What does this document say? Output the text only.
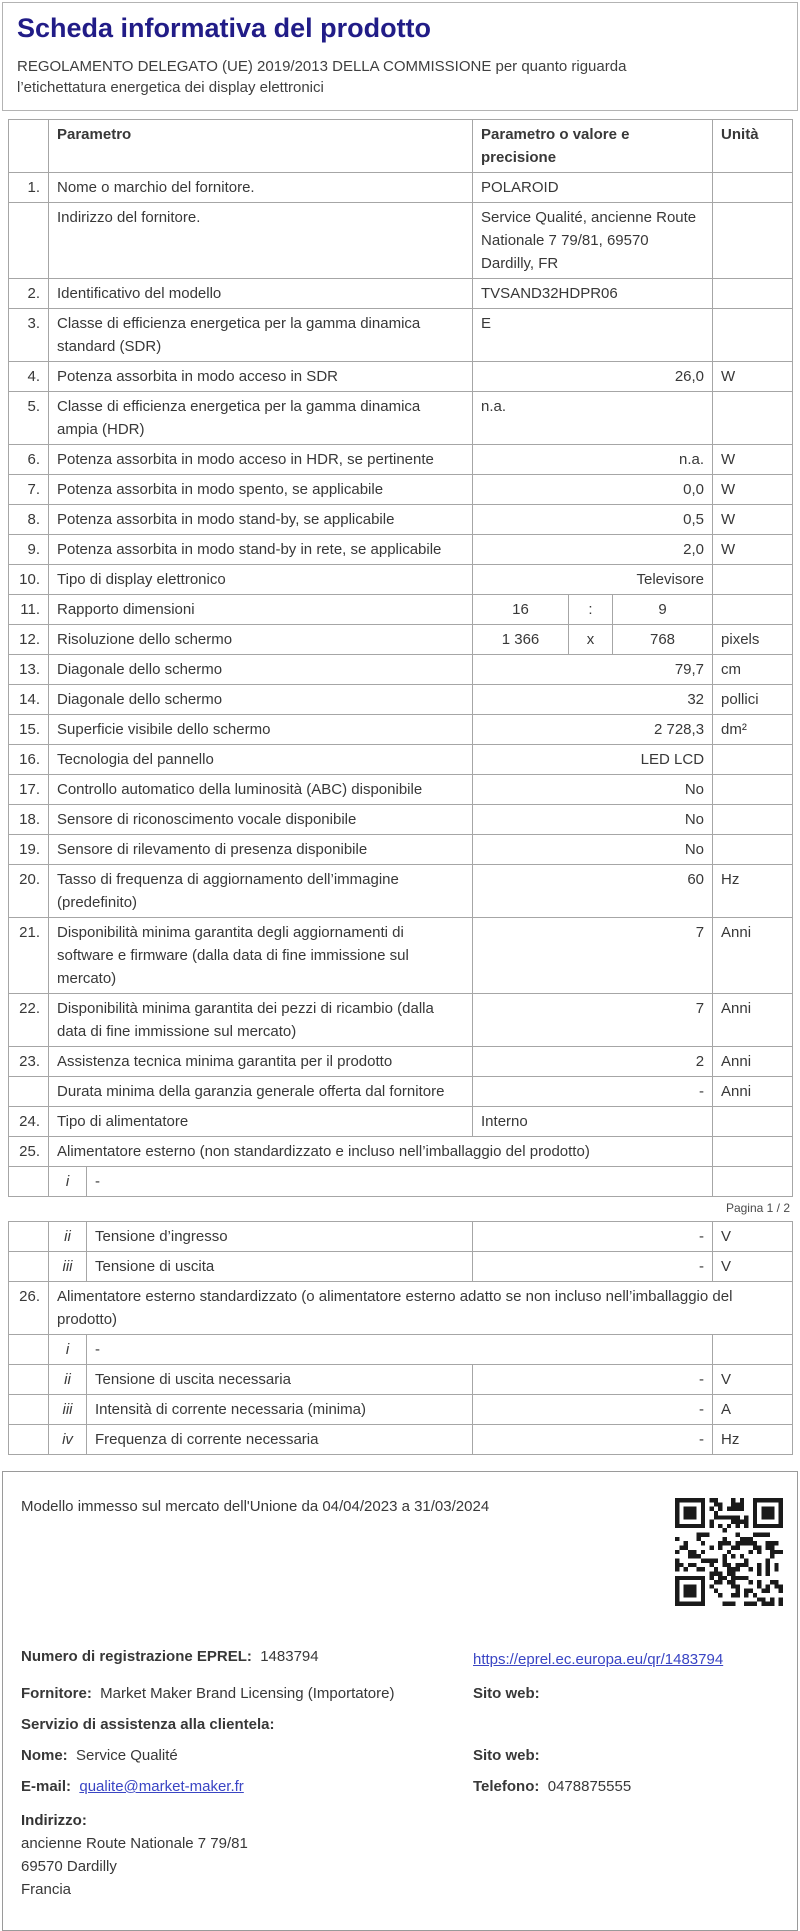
Scheda informativa del prodotto
REGOLAMENTO DELEGATO (UE) 2019/2013 DELLA COMMISSIONE per quanto riguarda l’etichettatura energetica dei display elettronici
	Parametro		Parametro o valore e precisione			Unità
1.	Nome o marchio del fornitore.		POLAROID			
	Indirizzo del fornitore.		Service Qualité, ancienne Route Nationale 7 79/81, 69570 Dardilly, FR			
2.	Identificativo del modello		TVSAND32HDPR06			
3.	Classe di efficienza energetica per la gamma dinamica standard (SDR)		E			
4.	Potenza assorbita in modo acceso in SDR		26,0			W
5.	Classe di efficienza energetica per la gamma dinamica ampia (HDR)		n.a.			
6.	Potenza assorbita in modo acceso in HDR, se pertinente		n.a.			W
7.	Potenza assorbita in modo spento, se applicabile		0,0			W
8.	Potenza assorbita in modo stand-by, se applicabile		0,5			W
9.	Potenza assorbita in modo stand-by in rete, se applicabile		2,0			W
10.	Tipo di display elettronico		Televisore			
11.	Rapporto dimensioni		16	:	9	
12.	Risoluzione dello schermo		1 366	x	768	pixels
13.	Diagonale dello schermo		79,7			cm
14.	Diagonale dello schermo		32			pollici
15.	Superficie visibile dello schermo		2 728,3			dm²
16.	Tecnologia del pannello		LED LCD			
17.	Controllo automatico della luminosità (ABC) disponibile		No			
18.	Sensore di riconoscimento vocale disponibile		No			
19.	Sensore di rilevamento di presenza disponibile		No			
20.	Tasso di frequenza di aggiornamento dell’immagine (predefinito)		60			Hz
21.	Disponibilità minima garantita degli aggiornamenti di software e firmware (dalla data di fine immissione sul mercato)		7			Anni
22.	Disponibilità minima garantita dei pezzi di ricambio (dalla data di fine immissione sul mercato)		7			Anni
23.	Assistenza tecnica minima garantita per il prodotto		2			Anni
	Durata minima della garanzia generale offerta dal fornitore		-			Anni
24.	Tipo di alimentatore		Interno			
25.	Alimentatore esterno (non standardizzato e incluso nell’imballaggio del prodotto)					
	i	-				
Pagina 1 / 2
	ii	Tensione d’ingresso	-	V
	iii	Tensione di uscita	-	V
26.	Alimentatore esterno standardizzato (o alimentatore esterno adatto se non incluso nell’imballaggio del prodotto)			
	i	-		
	ii	Tensione di uscita necessaria	-	V
	iii	Intensità di corrente necessaria (minima)	-	A
	iv	Frequenza di corrente necessaria	-	Hz
Modello immesso sul mercato dell'Unione da 04/04/2023 a 31/03/2024
Numero di registrazione EPREL: 1483794	https://eprel.ec.europa.eu/qr/1483794
Fornitore: Market Maker Brand Licensing (Importatore)	Sito web:
Servizio di assistenza alla clientela:
Nome: Service Qualité	Sito web:
E-mail: qualite@market-maker.fr	Telefono: 0478875555
Indirizzo:
ancienne Route Nationale 7 79/81
69570 Dardilly
Francia
